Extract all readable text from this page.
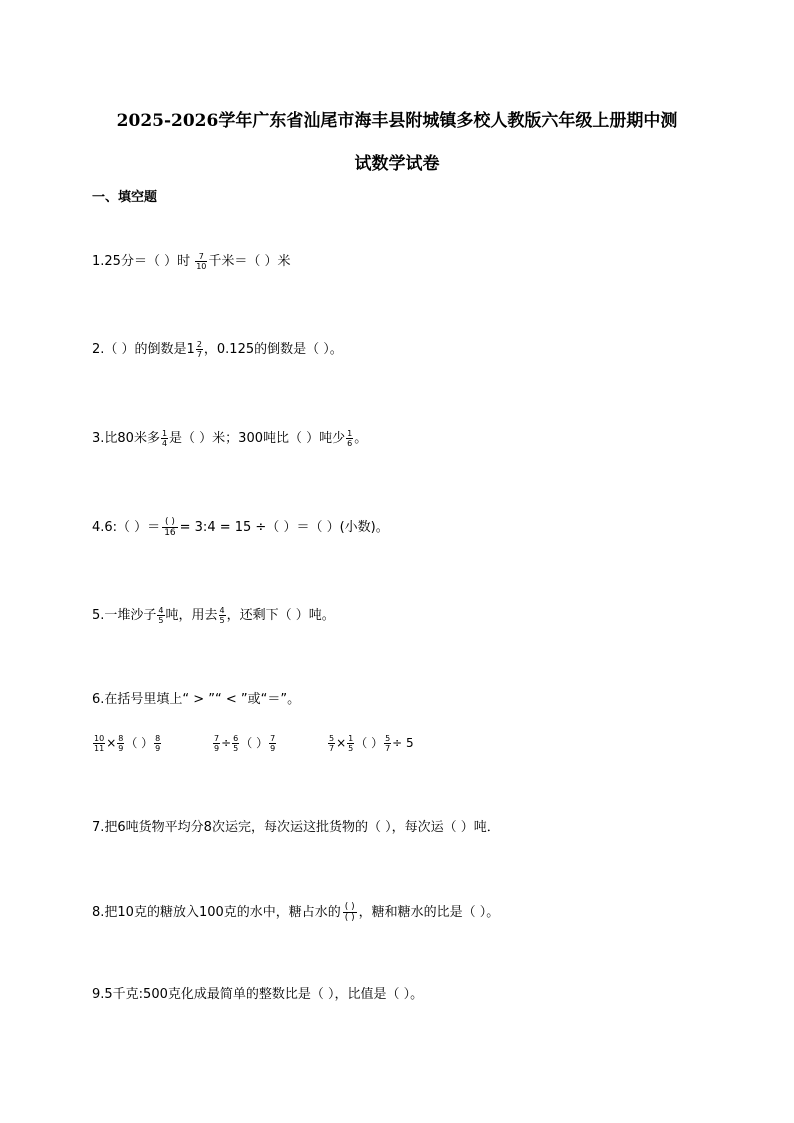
2025-2026学年广东省汕尾市海丰县附城镇多校人教版六年级上册期中测
试数学试卷
一、填空题
1.25分＝（ ）时 $\frac{7}{10}$ 千米＝（ ）米
2.（ ）的倒数是$1 \frac{2}{7}$ ，0.125的倒数是（ ）。
3.比80米多 $\frac{1}{4}$ 是（ ）米；300吨比（ ）吨少 $\frac{1}{6}$ 。
4.6:（ ）＝ ( )
16 = 3:4 = 15 ÷（ ）＝（ ）(小数)。
5.一堆沙子 $\frac{4}{5}$ 吨，用去 $\frac{4}{5}$ ，还剩下（ ）吨。
6.在括号里填上“ > ”“ < ”或“＝”。
$\frac{10}{11} \times \frac{8}{9}$ （ ） $\frac{8}{9}$	$\frac{7}{9} \div \frac{6}{5}$ （ ） $\frac{7}{9}$	$\frac{5}{7} \times \frac{1}{5}$ （ ） $\frac{5}{7} \div 5$
7.把6吨货物平均分8次运完，每次运这批货物的（ ），每次运（ ）吨．
8.把10克的糖放入100克的水中，糖占水的 ( )
( ) ，糖和糖水的比是（ ）。
9.5千克:500克化成最简单的整数比是（ ），比值是（ ）。
